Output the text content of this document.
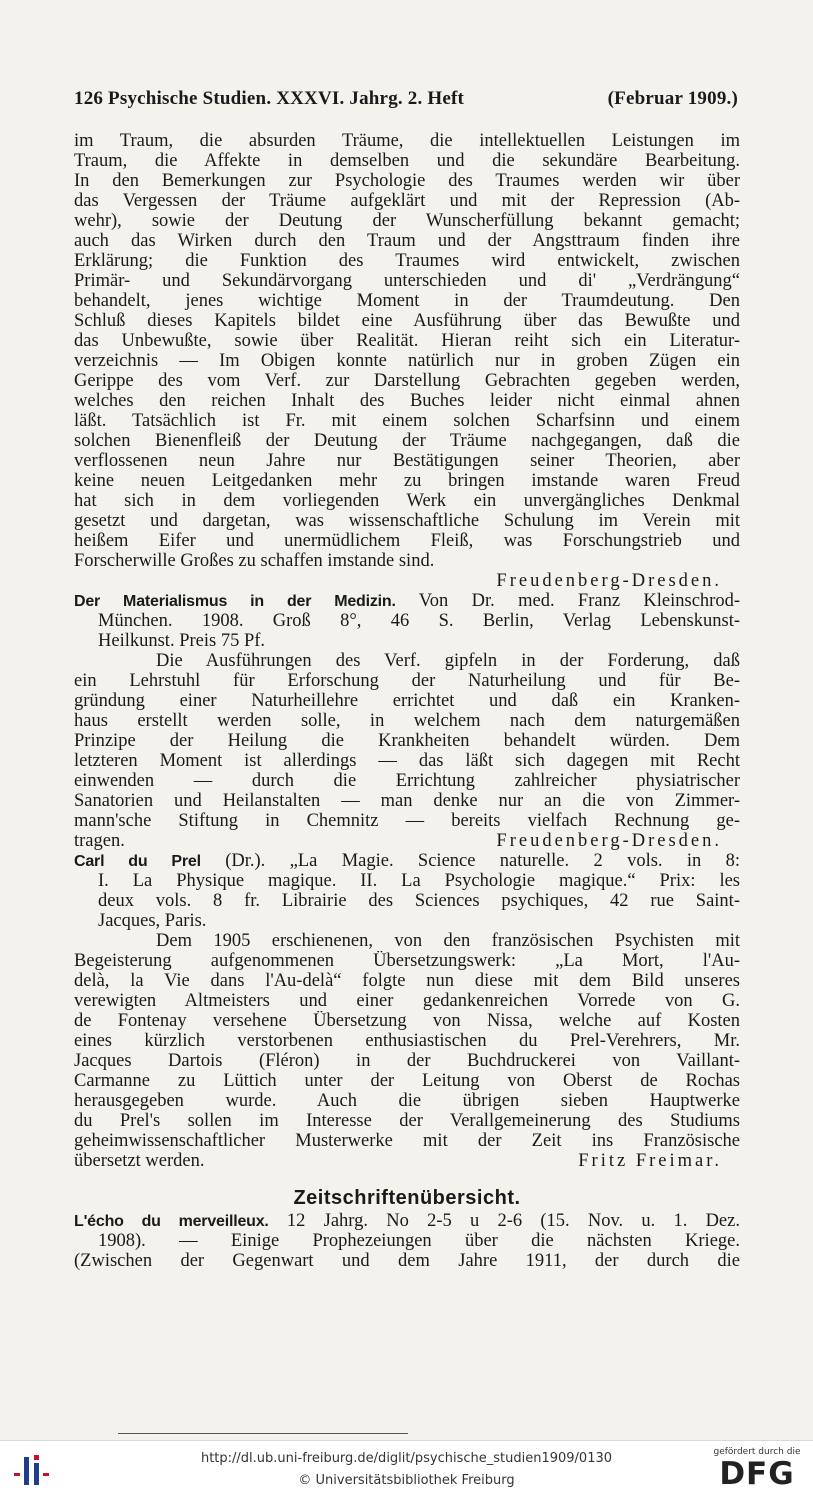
126 Psychische Studien. XXXVI. Jahrg. 2. Heft	(Februar 1909.)
im Traum, die absurden Träume, die intellektuellen Leistungen im
Traum, die Affekte in demselben und die sekundäre Bearbeitung.
In den Bemerkungen zur Psychologie des Traumes werden wir über
das Vergessen der Träume aufgeklärt und mit der Repression (Ab-
wehr), sowie der Deutung der Wunscherfüllung bekannt gemacht;
auch das Wirken durch den Traum und der Angsttraum finden ihre
Erklärung; die Funktion des Traumes wird entwickelt, zwischen
Primär- und Sekundärvorgang unterschieden und di' „Verdrängung“
behandelt, jenes wichtige Moment in der Traumdeutung. Den
Schluß dieses Kapitels bildet eine Ausführung über das Bewußte und
das Unbewußte, sowie über Realität. Hieran reiht sich ein Literatur-
verzeichnis — Im Obigen konnte natürlich nur in groben Zügen ein
Gerippe des vom Verf. zur Darstellung Gebrachten gegeben werden,
welches den reichen Inhalt des Buches leider nicht einmal ahnen
läßt. Tatsächlich ist Fr. mit einem solchen Scharfsinn und einem
solchen Bienenfleiß der Deutung der Träume nachgegangen, daß die
verflossenen neun Jahre nur Bestätigungen seiner Theorien, aber
keine neuen Leitgedanken mehr zu bringen imstande waren Freud
hat sich in dem vorliegenden Werk ein unvergängliches Denkmal
gesetzt und dargetan, was wissenschaftliche Schulung im Verein mit
heißem Eifer und unermüdlichem Fleiß, was Forschungstrieb und
Forscherwille Großes zu schaffen imstande sind.
Freudenberg-Dresden.
Der Materialismus in der Medizin. Von Dr. med. Franz Kleinschrod-
München. 1908. Groß 8°, 46 S. Berlin, Verlag Lebenskunst-
Heilkunst. Preis 75 Pf.
Die Ausführungen des Verf. gipfeln in der Forderung, daß
ein Lehrstuhl für Erforschung der Naturheilung und für Be-
gründung einer Naturheillehre errichtet und daß ein Kranken-
haus erstellt werden solle, in welchem nach dem naturgemäßen
Prinzipe der Heilung die Krankheiten behandelt würden. Dem
letzteren Moment ist allerdings — das läßt sich dagegen mit Recht
einwenden — durch die Errichtung zahlreicher physiatrischer
Sanatorien und Heilanstalten — man denke nur an die von Zimmer-
mann'sche Stiftung in Chemnitz — bereits vielfach Rechnung ge-
tragen.	Freudenberg-Dresden.
Carl du Prel (Dr.). „La Magie. Science naturelle. 2 vols. in 8:
I. La Physique magique. II. La Psychologie magique.“ Prix: les
deux vols. 8 fr. Librairie des Sciences psychiques, 42 rue Saint-
Jacques, Paris.
Dem 1905 erschienenen, von den französischen Psychisten mit
Begeisterung aufgenommenen Übersetzungswerk: „La Mort, l'Au-
delà, la Vie dans l'Au-delà“ folgte nun diese mit dem Bild unseres
verewigten Altmeisters und einer gedankenreichen Vorrede von G.
de Fontenay versehene Übersetzung von Nissa, welche auf Kosten
eines kürzlich verstorbenen enthusiastischen du Prel-Verehrers, Mr.
Jacques Dartois (Fléron) in der Buchdruckerei von Vaillant-
Carmanne zu Lüttich unter der Leitung von Oberst de Rochas
herausgegeben wurde. Auch die übrigen sieben Hauptwerke
du Prel's sollen im Interesse der Verallgemeinerung des Studiums
geheimwissenschaftlicher Musterwerke mit der Zeit ins Französische
übersetzt werden.	Fritz Freimar.
Zeitschriftenübersicht.
L'écho du merveilleux. 12 Jahrg. No 2-5 u 2-6 (15. Nov. u. 1. Dez.
1908). — Einige Prophezeiungen über die nächsten Kriege.
(Zwischen der Gegenwart und dem Jahre 1911, der durch die
http://dl.ub.uni-freiburg.de/diglit/psychische_studien1909/0130
© Universitätsbibliothek Freiburg
gefördert durch die
DFG
